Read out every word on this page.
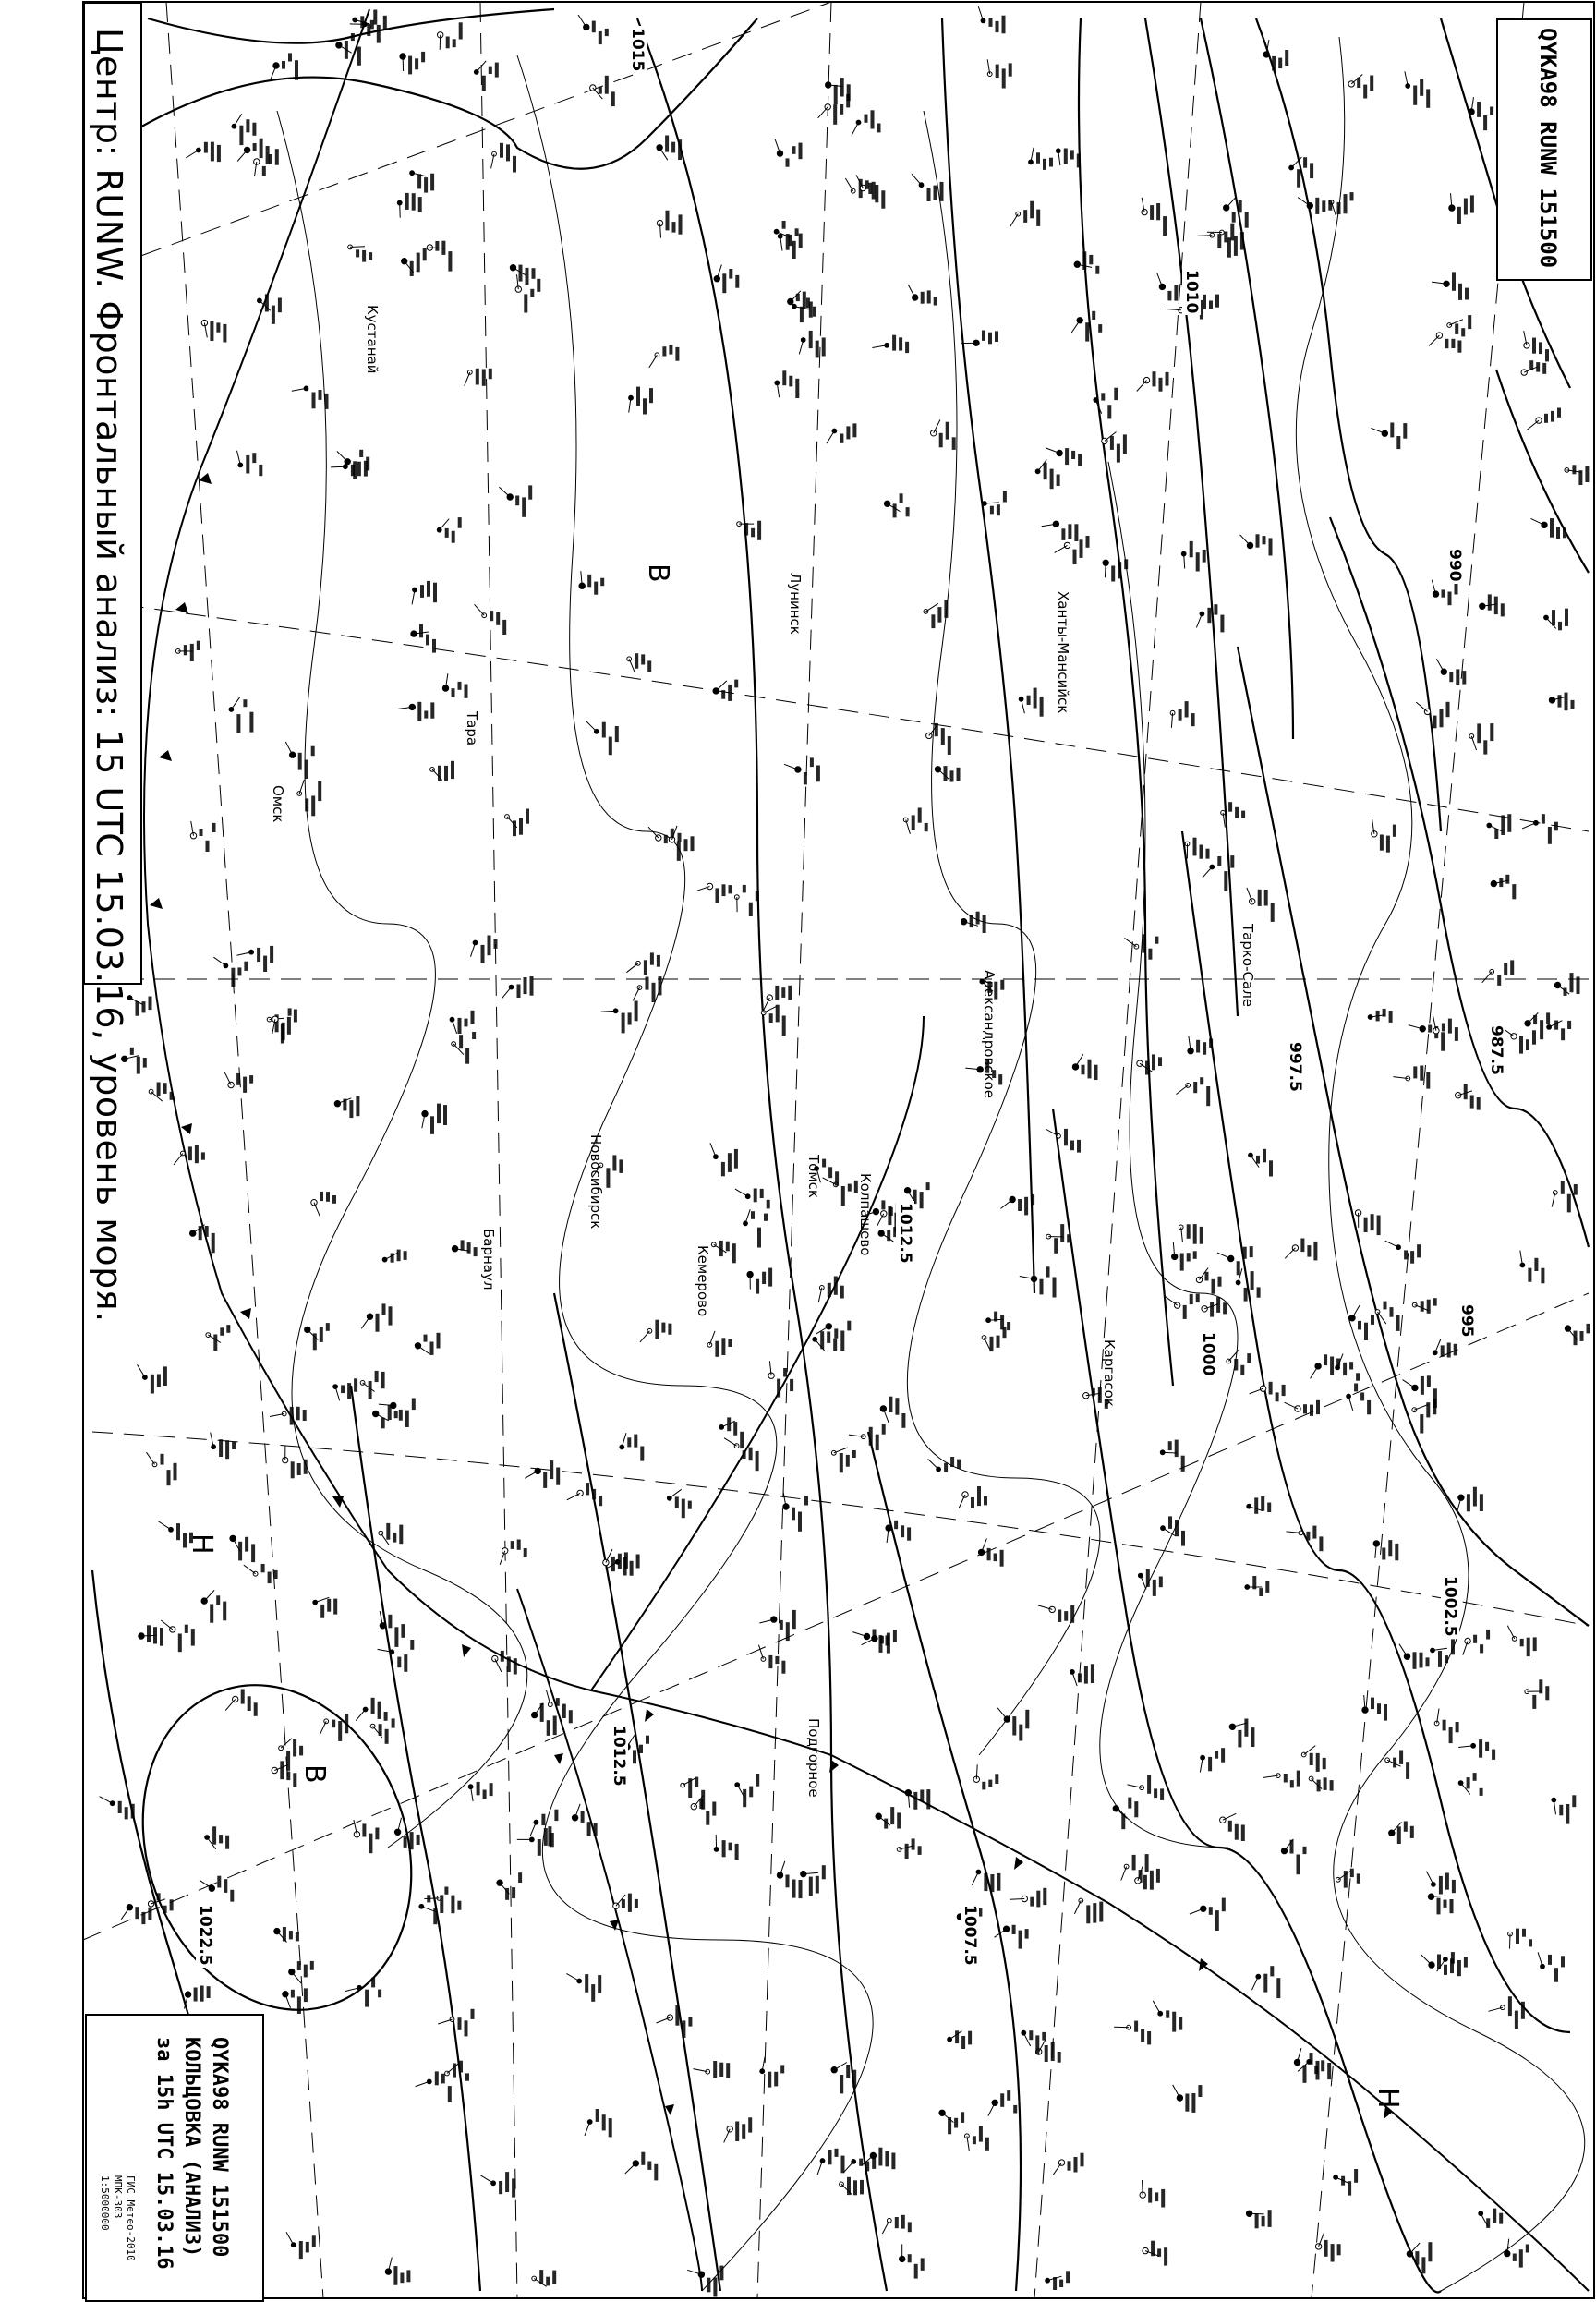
QYKA98 RUNW 151500
Центр: RUNW. Фронтальный анализ: 15 UTC 15.03.16, уровень моря.
QYKA98 RUNW 151500
КОЛЬЦОВКА (АНАЛИЗ)
за 15h UTC 15.03.16
ГИС Метео-2010
МПК-303
1:5000000
1015
1010
990
987.5
997.5
995
1000
1002.5
1007.5
1012.5
1012.5
1022.5
В
В
Н
Н
Кустанай
Барнаул
Новосибирск
Кемерово
Томск
Александровское
Колпашево
Каргасок
Подгорное
Тарко-Сале
Омск
Тара
Ханты-Мансийск
Лунинск
